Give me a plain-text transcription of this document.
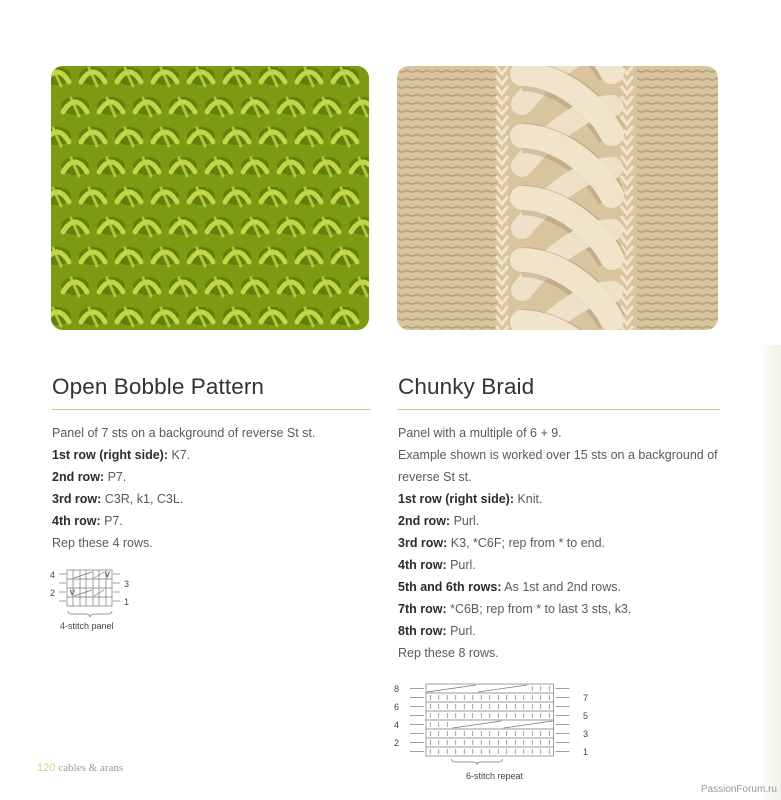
Open Bobble Pattern

Panel of 7 sts on a background of reverse St st.

1st row (right side): K7.

2nd row: P7.

3rd row: C3R, k1, C3L.

4th row: P7.

Rep these 4 rows.

Chunky Braid

Panel with a multiple of 6 + 9.

Example shown is worked over 15 sts on a background of

reverse St st.

1st row (right side): Knit.

2nd row: Purl.

3rd row: K3, *C6F; rep from * to end.

4th row: Purl.

5th and 6th rows: As 1st and 2nd rows.

7th row: *C6B; rep from * to last 3 sts, k3.

8th row: Purl.

Rep these 8 rows.

V
V
4
2
3
1
4-stitch panel
8
6
4
2
7
5
3
1
6-stitch repeat
120 cables & arans
PassionForum.ru
